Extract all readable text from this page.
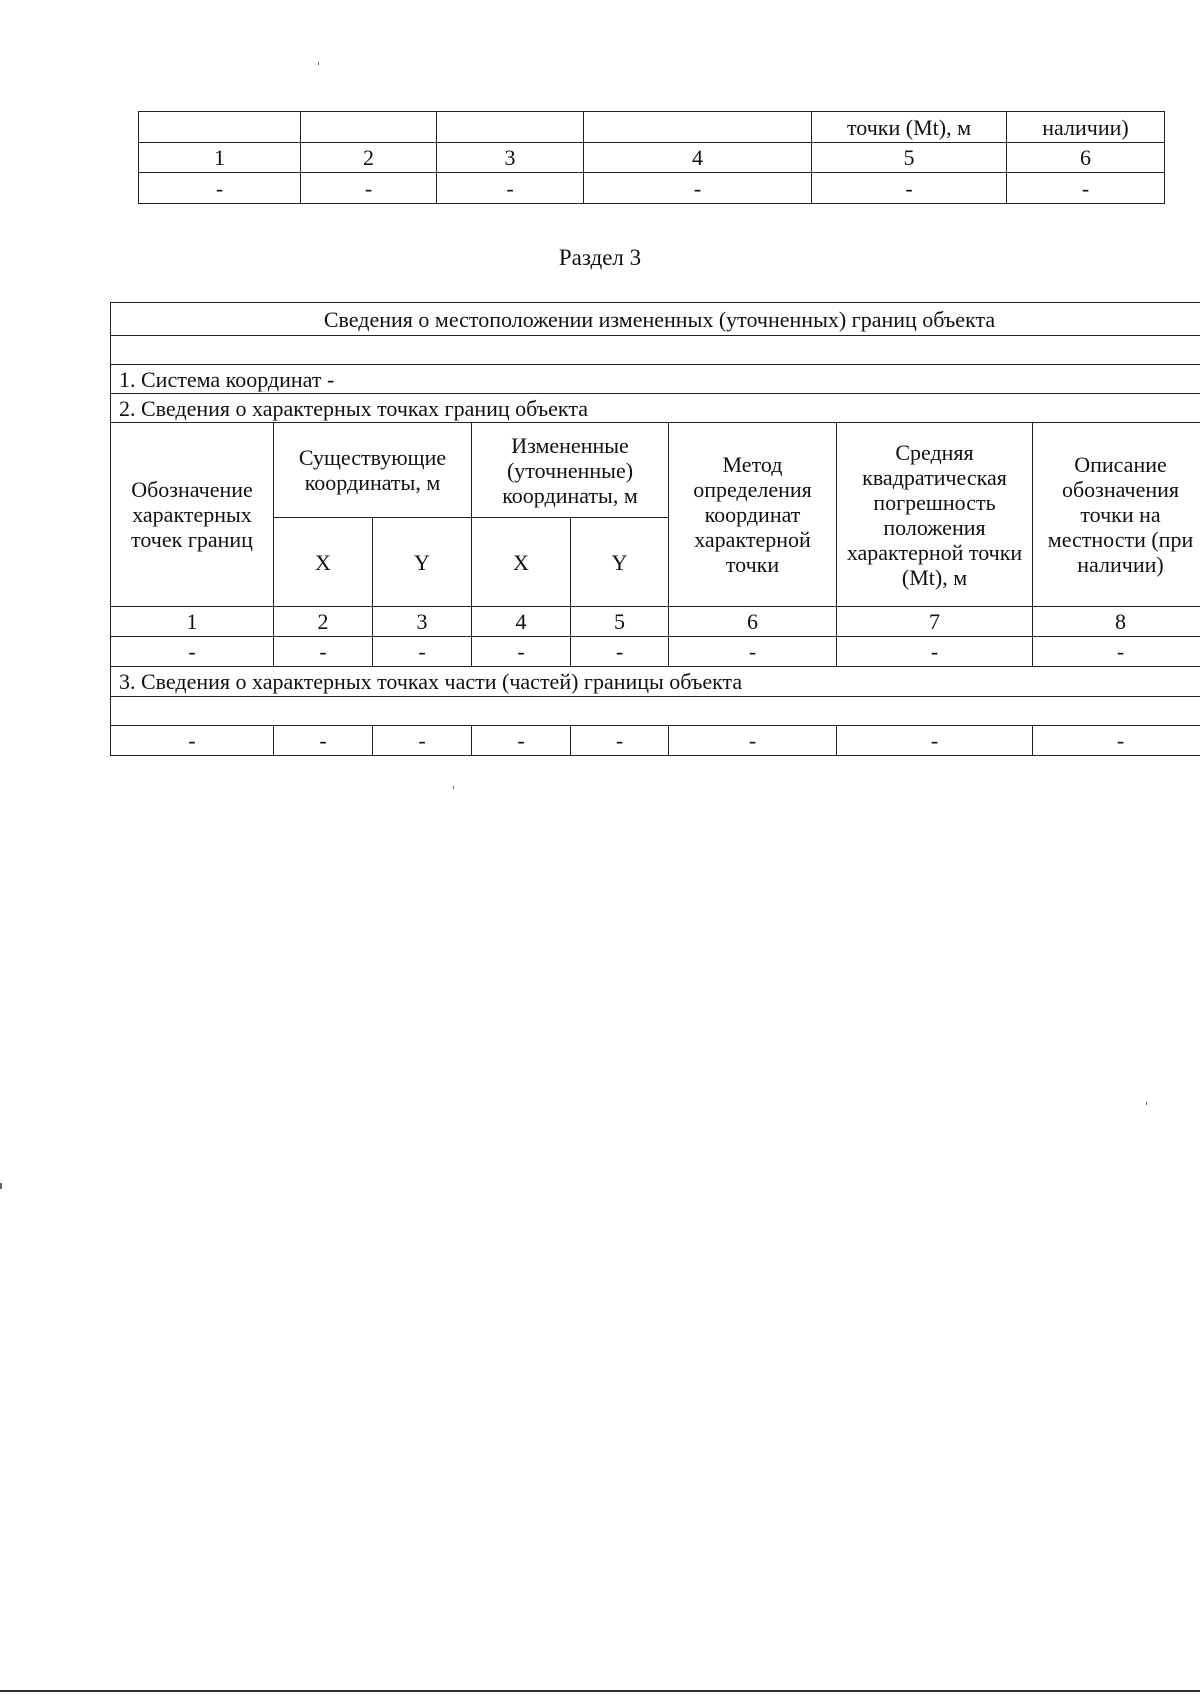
				точки (Mt), м	наличии)
1	2	3	4	5	6
-	-	-	-	-	-
Раздел 3
Сведения о местоположении измененных (уточненных) границ объекта							

1. Система координат -							
2. Сведения о характерных точках границ объекта							
Обозначение характерных точек границ	Существующие координаты, м		Измененные (уточненные) координаты, м		Метод определения координат характерной точки	Средняя квадратическая погрешность положения характерной точки (Mt), м	Описание обозначения точки на местности (при наличии)
	X	Y	X	Y			
1	2	3	4	5	6	7	8
-	-	-	-	-	-	-	-
3. Сведения о характерных точках части (частей) границы объекта							

-	-	-	-	-	-	-	-
